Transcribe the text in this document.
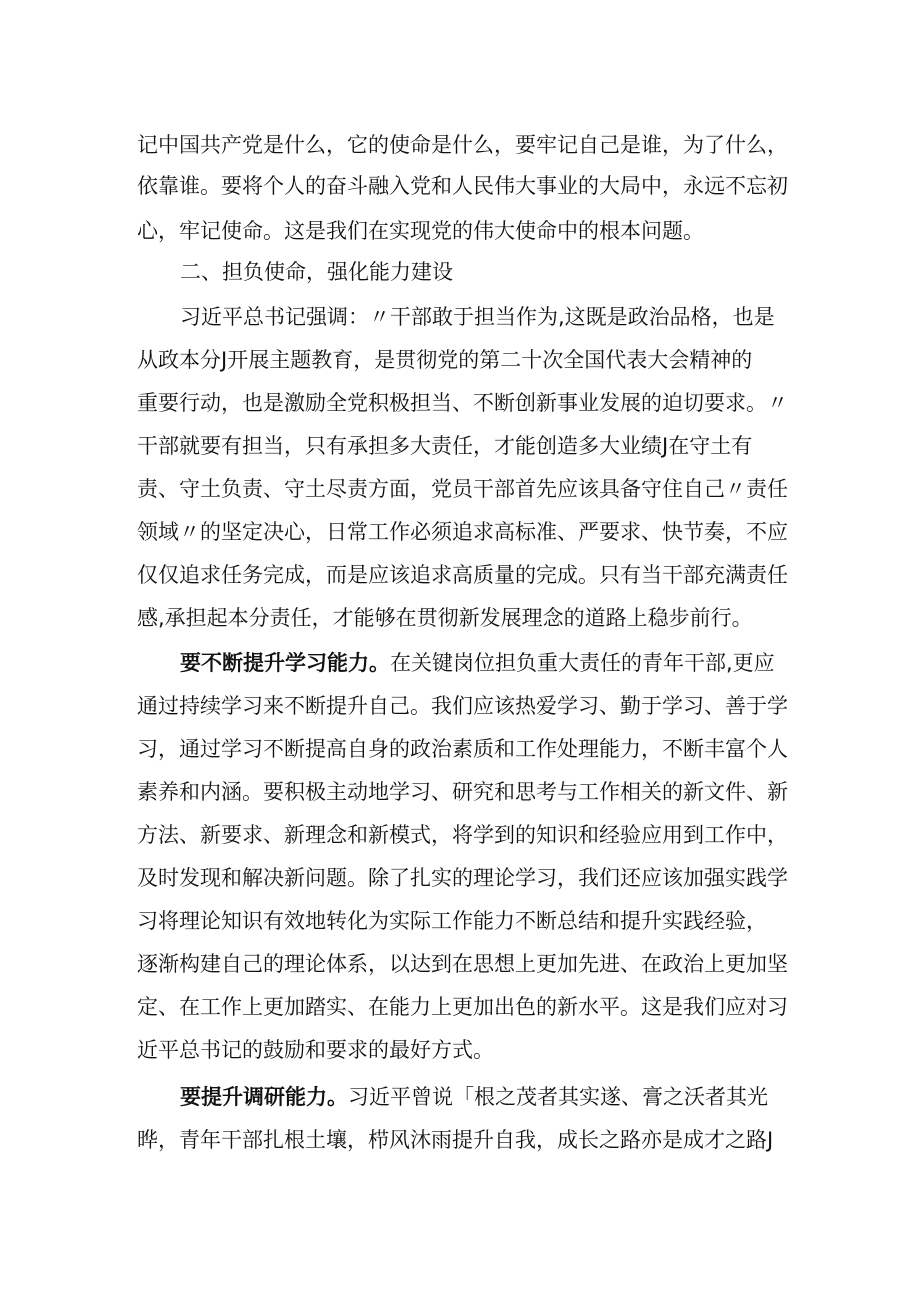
记中国共产党是什么，它的使命是什么，要牢记自己是谁，为了什么，
依靠谁。要将个人的奋斗融入党和人民伟大事业的大局中，永远不忘初
心，牢记使命。这是我们在实现党的伟大使命中的根本问题。
二、担负使命，强化能力建设
习近平总书记强调：〃干部敢于担当作为,这既是政治品格，也是
从政本分J开展主题教育，是贯彻党的第二十次全国代表大会精神的
重要行动，也是激励全党积极担当、不断创新事业发展的迫切要求。〃
干部就要有担当，只有承担多大责任，才能创造多大业绩J在守土有
责、守土负责、守土尽责方面，党员干部首先应该具备守住自己〃责任
领域〃的坚定决心，日常工作必须追求高标准、严要求、快节奏，不应
仅仅追求任务完成，而是应该追求高质量的完成。只有当干部充满责任
感,承担起本分责任，才能够在贯彻新发展理念的道路上稳步前行。
要不断提升学习能力。在关键岗位担负重大责任的青年干部,更应
通过持续学习来不断提升自己。我们应该热爱学习、勤于学习、善于学
习，通过学习不断提高自身的政治素质和工作处理能力，不断丰富个人
素养和内涵。要积极主动地学习、研究和思考与工作相关的新文件、新
方法、新要求、新理念和新模式，将学到的知识和经验应用到工作中，
及时发现和解决新问题。除了扎实的理论学习，我们还应该加强实践学
习将理论知识有效地转化为实际工作能力不断总结和提升实践经验，
逐渐构建自己的理论体系，以达到在思想上更加先进、在政治上更加坚
定、在工作上更加踏实、在能力上更加出色的新水平。这是我们应对习
近平总书记的鼓励和要求的最好方式。
要提升调研能力。习近平曾说「根之茂者其实遂、膏之沃者其光
晔，青年干部扎根土壤，栉风沐雨提升自我，成长之路亦是成才之路J
